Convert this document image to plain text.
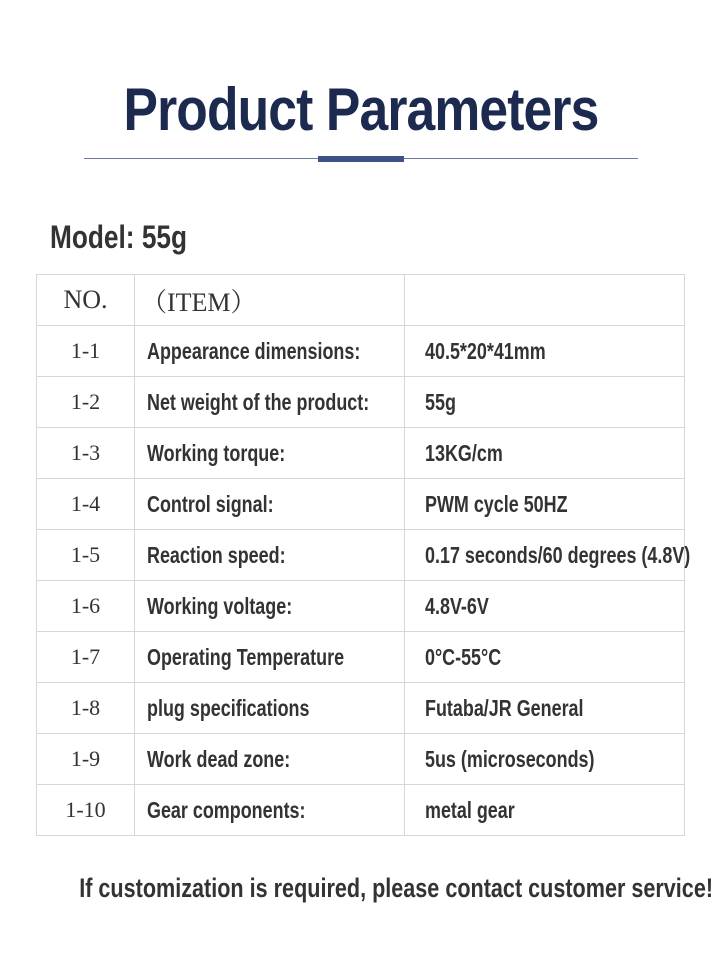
Product Parameters
Model: 55g
NO.	（ITEM）	
1-1	Appearance dimensions:	40.5*20*41mm
1-2	Net weight of the product:	55g
1-3	Working torque:	13KG/cm
1-4	Control signal:	PWM cycle 50HZ
1-5	Reaction speed:	0.17 seconds/60 degrees (4.8V)
1-6	Working voltage:	4.8V-6V
1-7	Operating Temperature	0°C-55°C
1-8	plug specifications	Futaba/JR General
1-9	Work dead zone:	5us (microseconds)
1-10	Gear components:	metal gear
If customization is required, please contact customer service!
